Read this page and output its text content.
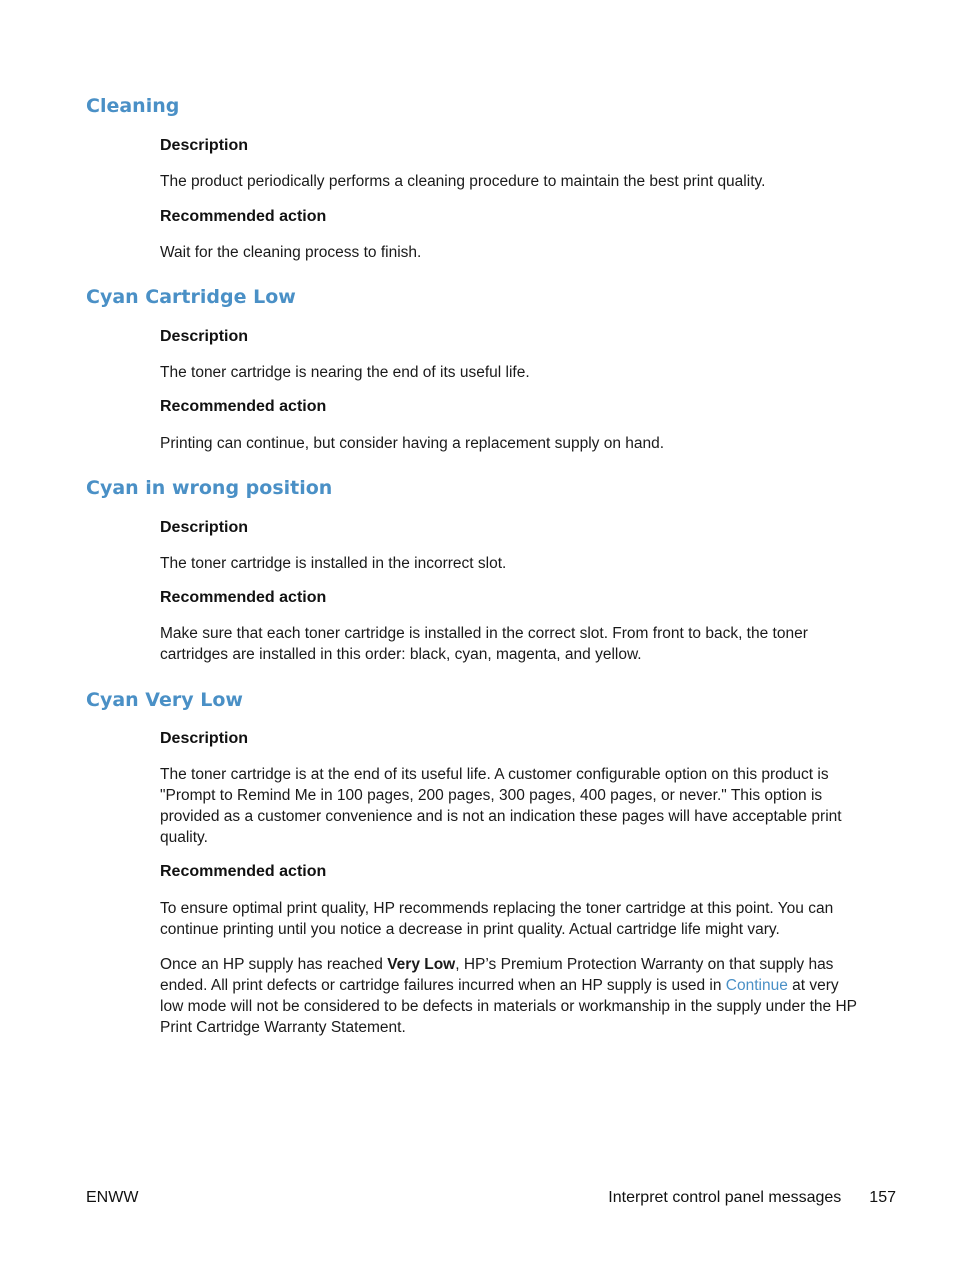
Cleaning
Description

The product periodically performs a cleaning procedure to maintain the best print quality.

Recommended action

Wait for the cleaning process to finish.

Cyan Cartridge Low
Description

The toner cartridge is nearing the end of its useful life.

Recommended action

Printing can continue, but consider having a replacement supply on hand.

Cyan in wrong position
Description

The toner cartridge is installed in the incorrect slot.

Recommended action

Make sure that each toner cartridge is installed in the correct slot. From front to back, the toner cartridges are installed in this order: black, cyan, magenta, and yellow.

Cyan Very Low
Description

The toner cartridge is at the end of its useful life. A customer configurable option on this product is "Prompt to Remind Me in 100 pages, 200 pages, 300 pages, 400 pages, or never." This option is provided as a customer convenience and is not an indication these pages will have acceptable print quality.

Recommended action

To ensure optimal print quality, HP recommends replacing the toner cartridge at this point. You can continue printing until you notice a decrease in print quality. Actual cartridge life might vary.

Once an HP supply has reached Very Low, HP’s Premium Protection Warranty on that supply has ended. All print defects or cartridge failures incurred when an HP supply is used in Continue at very low mode will not be considered to be defects in materials or workmanship in the supply under the HP Print Cartridge Warranty Statement.

ENWW	Interpret control panel messages 157
